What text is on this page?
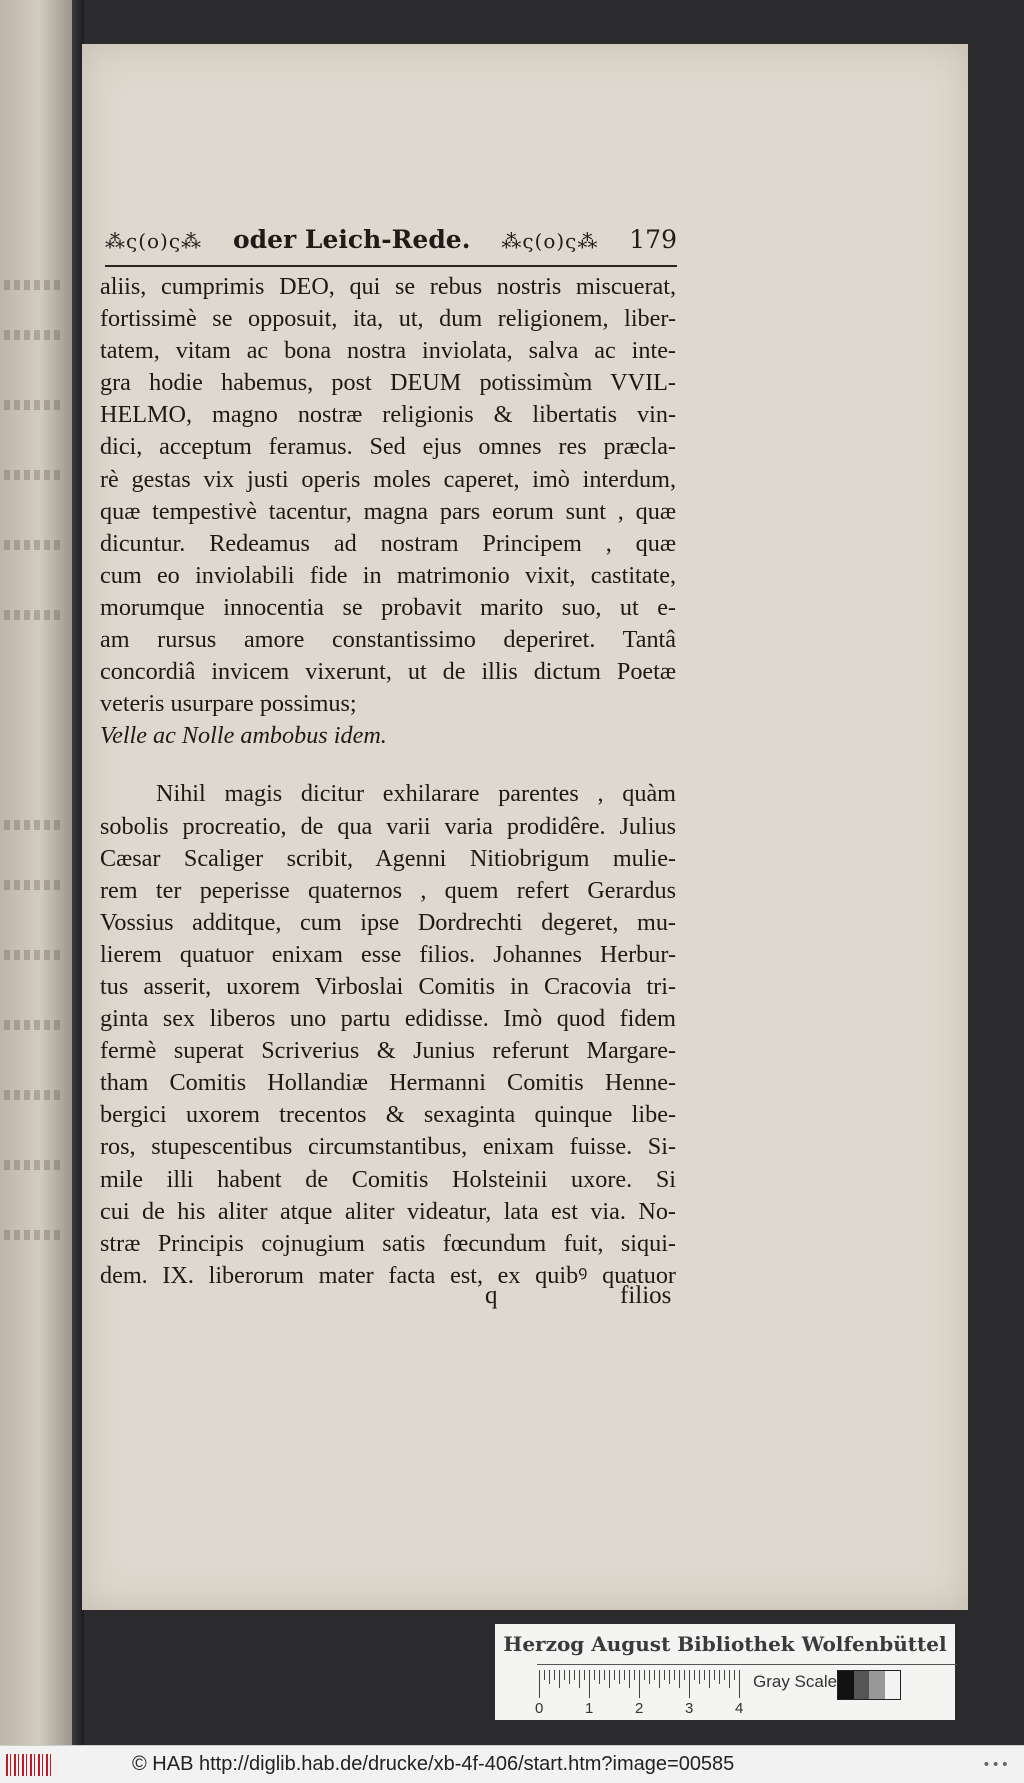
⁂ς(o)ς⁂ oder Leich-Rede. ⁂ς(o)ς⁂ 179

aliis, cumprimis DEO, qui se rebus nostris miscuerat,

fortissimè se opposuit, ita, ut, dum religionem, liber-

tatem, vitam ac bona nostra inviolata, salva ac inte-

gra hodie habemus, post DEUM potissimùm VVIL-

HELMO, magno nostræ religionis & libertatis vin-

dici, acceptum feramus. Sed ejus omnes res præcla-

rè gestas vix justi operis moles caperet, imò interdum,

quæ tempestivè tacentur, magna pars eorum sunt , quæ

dicuntur. Redeamus ad nostram Principem , quæ

cum eo inviolabili fide in matrimonio vixit, castitate,

morumque innocentia se probavit marito suo, ut e-

am rursus amore constantissimo deperiret. Tantâ

concordiâ invicem vixerunt, ut de illis dictum Poetæ

veteris usurpare possimus;

Velle ac Nolle ambobus idem.

Nihil magis dicitur exhilarare parentes , quàm

sobolis procreatio, de qua varii varia prodidêre. Julius

Cæsar Scaliger scribit, Agenni Nitiobrigum mulie-

rem ter peperisse quaternos , quem refert Gerardus

Vossius additque, cum ipse Dordrechti degeret, mu-

lierem quatuor enixam esse filios. Johannes Herbur-

tus asserit, uxorem Virboslai Comitis in Cracovia tri-

ginta sex liberos uno partu edidisse. Imò quod fidem

fermè superat Scriverius & Junius referunt Margare-

tham Comitis Hollandiæ Hermanni Comitis Henne-

bergici uxorem trecentos & sexaginta quinque libe-

ros, stupescentibus circumstantibus, enixam fuisse. Si-

mile illi habent de Comitis Holsteinii uxore. Si

cui de his aliter atque aliter videatur, lata est via. No-

stræ Principis cojnugium satis fœcundum fuit, siqui-

dem. IX. liberorum mater facta est, ex quibꝰ quatuor

q	filios
Herzog August Bibliothek Wolfenbüttel
0	1	2	3	4
Gray Scale
© HAB http://diglib.hab.de/drucke/xb-4f-406/start.htm?image=00585	•••
